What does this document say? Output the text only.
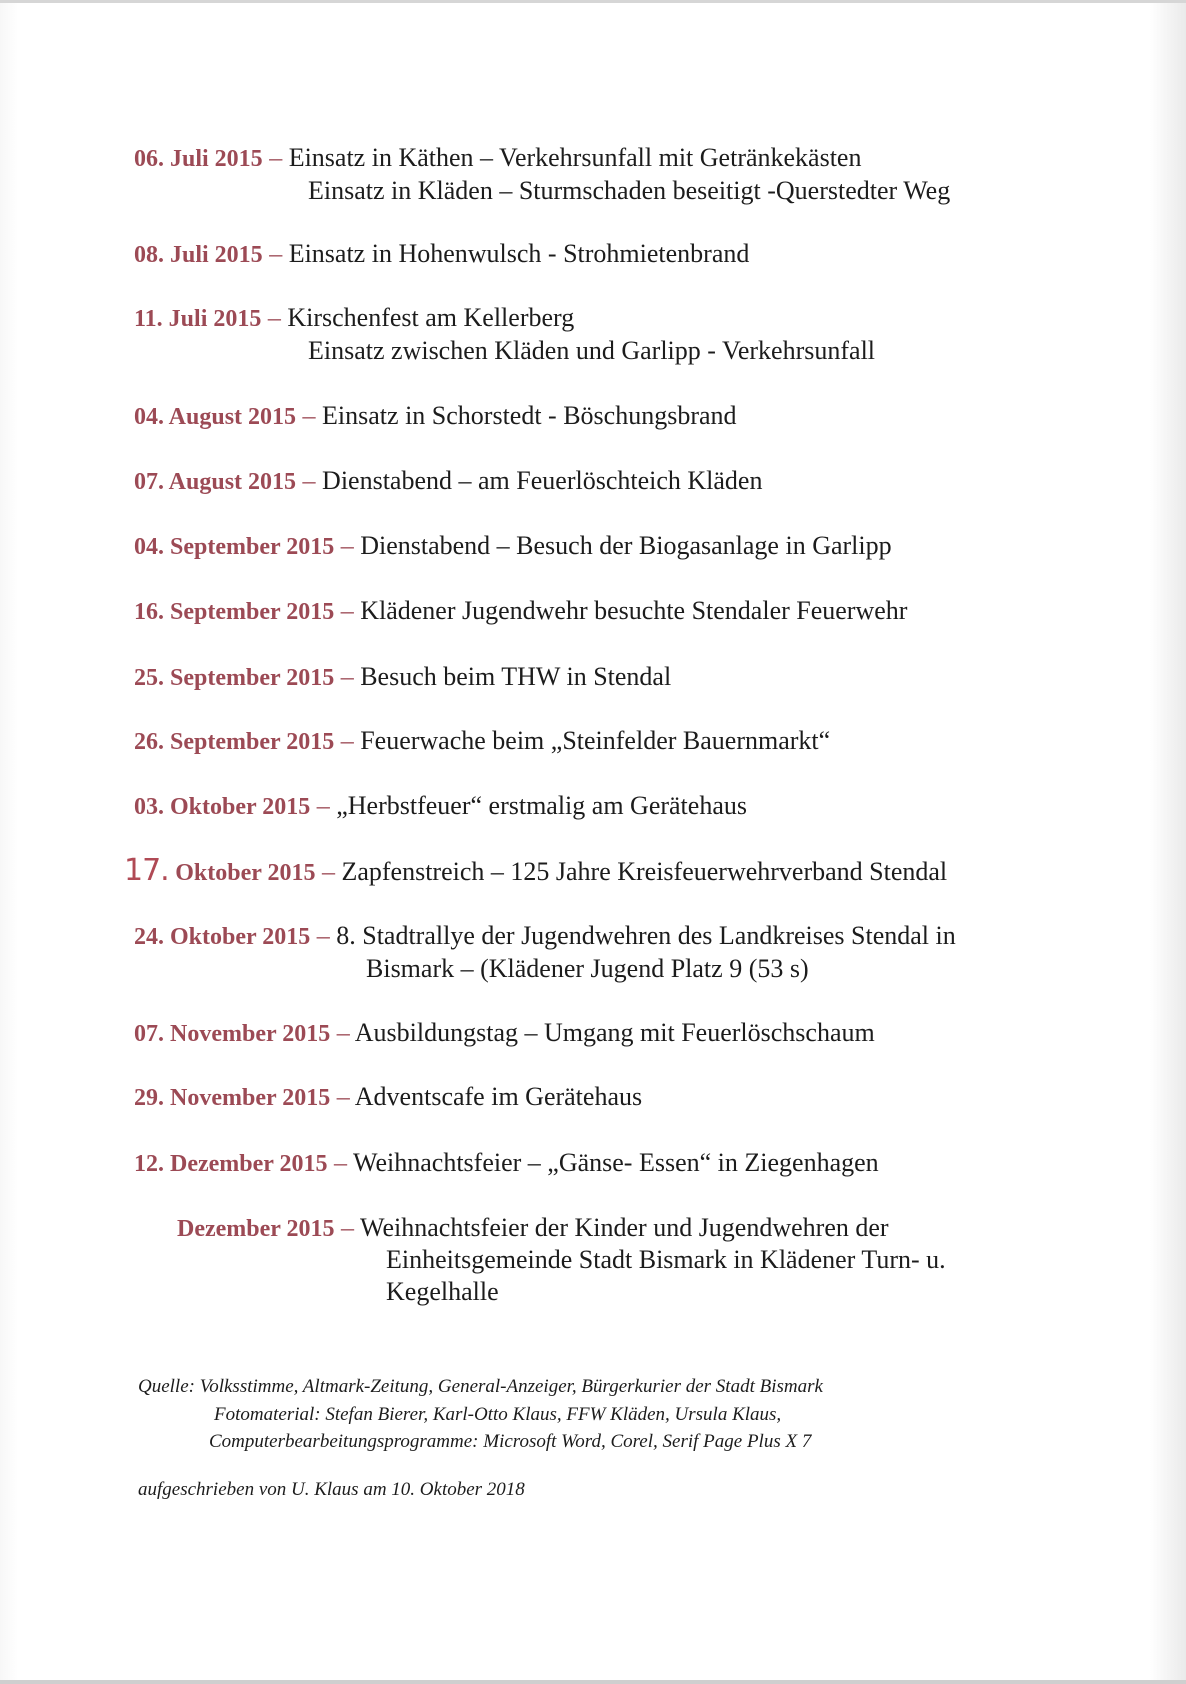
06. Juli 2015 – Einsatz in Käthen – Verkehrsunfall mit Getränkekästen
Einsatz in Kläden – Sturmschaden beseitigt -Querstedter Weg
08. Juli 2015 – Einsatz in Hohenwulsch - Strohmietenbrand
11. Juli 2015 – Kirschenfest am Kellerberg
Einsatz zwischen Kläden und Garlipp - Verkehrsunfall
04. August 2015 – Einsatz in Schorstedt - Böschungsbrand
07. August 2015 – Dienstabend – am Feuerlöschteich Kläden
04. September 2015 – Dienstabend – Besuch der Biogasanlage in Garlipp
16. September 2015 – Klädener Jugendwehr besuchte Stendaler Feuerwehr
25. September 2015 – Besuch beim THW in Stendal
26. September 2015 – Feuerwache beim „Steinfelder Bauernmarkt“
03. Oktober 2015 – „Herbstfeuer“ erstmalig am Gerätehaus
17. Oktober 2015 – Zapfenstreich – 125 Jahre Kreisfeuerwehrverband Stendal
24. Oktober 2015 – 8. Stadtrallye der Jugendwehren des Landkreises Stendal in
Bismark – (Klädener Jugend Platz 9 (53 s)
07. November 2015 – Ausbildungstag – Umgang mit Feuerlöschschaum
29. November 2015 – Adventscafe im Gerätehaus
12. Dezember 2015 – Weihnachtsfeier – „Gänse- Essen“ in Ziegenhagen
Dezember 2015 – Weihnachtsfeier der Kinder und Jugendwehren der
Einheitsgemeinde Stadt Bismark in Klädener Turn- u.
Kegelhalle
Quelle: Volksstimme, Altmark-Zeitung, General-Anzeiger, Bürgerkurier der Stadt Bismark
Fotomaterial: Stefan Bierer, Karl-Otto Klaus, FFW Kläden, Ursula Klaus,
Computerbearbeitungsprogramme: Microsoft Word, Corel, Serif Page Plus X 7
aufgeschrieben von U. Klaus am 10. Oktober 2018
